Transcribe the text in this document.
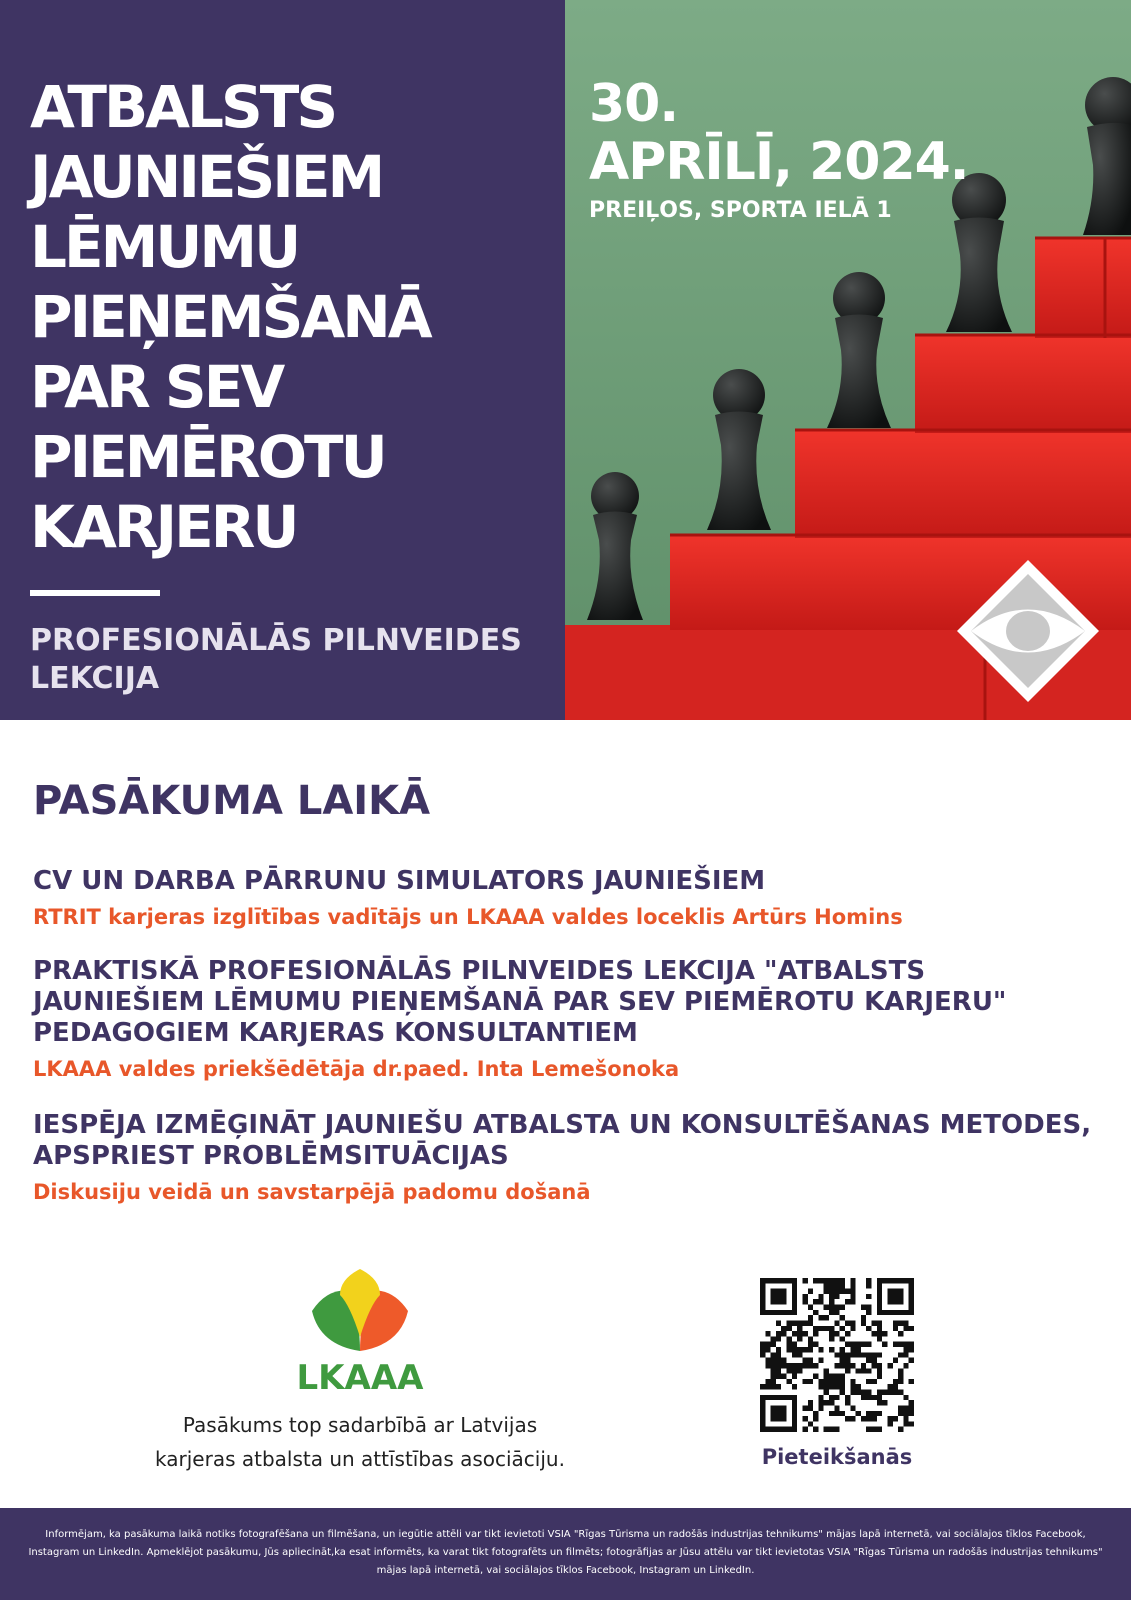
ATBALSTS
JAUNIEŠIEM
LĒMUMU
PIEŅEMŠANĀ
PAR SEV
PIEMĒROTU
KARJERU
PROFESIONĀLĀS PILNVEIDES
LEKCIJA
30.
APRĪLĪ, 2024.
PREIĻOS, SPORTA IELĀ 1
PASĀKUMA LAIKĀ
CV UN DARBA PĀRRUNU SIMULATORS JAUNIEŠIEM
RTRIT karjeras izglītības vadītājs un LKAAA valdes loceklis Artūrs Homins
PRAKTISKĀ PROFESIONĀLĀS PILNVEIDES LEKCIJA "ATBALSTS JAUNIEŠIEM LĒMUMU PIEŅEMŠANĀ PAR SEV PIEMĒROTU KARJERU" PEDAGOGIEM KARJERAS KONSULTANTIEM
LKAAA valdes priekšēdētāja dr.paed. Inta Lemešonoka
IESPĒJA IZMĒĢINĀT JAUNIEŠU ATBALSTA UN KONSULTĒŠANAS METODES, APSPRIEST PROBLĒMSITUĀCIJAS
Diskusiju veidā un savstarpējā padomu došanā
LKAAA
Pasākums top sadarbībā ar Latvijas
karjeras atbalsta un attīstības asociāciju.	Pieteikšanās
Informējam, ka pasākuma laikā notiks fotografēšana un filmēšana, un iegūtie attēli var tikt ievietoti VSIA "Rīgas Tūrisma un radošās industrijas tehnikums" mājas lapā internetā, vai sociālajos tīklos Facebook, Instagram un LinkedIn. Apmeklējot pasākumu, Jūs apliecināt,ka esat informēts, ka varat tikt fotografēts un filmēts; fotogrāfijas ar Jūsu attēlu var tikt ievietotas VSIA "Rīgas Tūrisma un radošās industrijas tehnikums" mājas lapā internetā, vai sociālajos tīklos Facebook, Instagram un LinkedIn.
